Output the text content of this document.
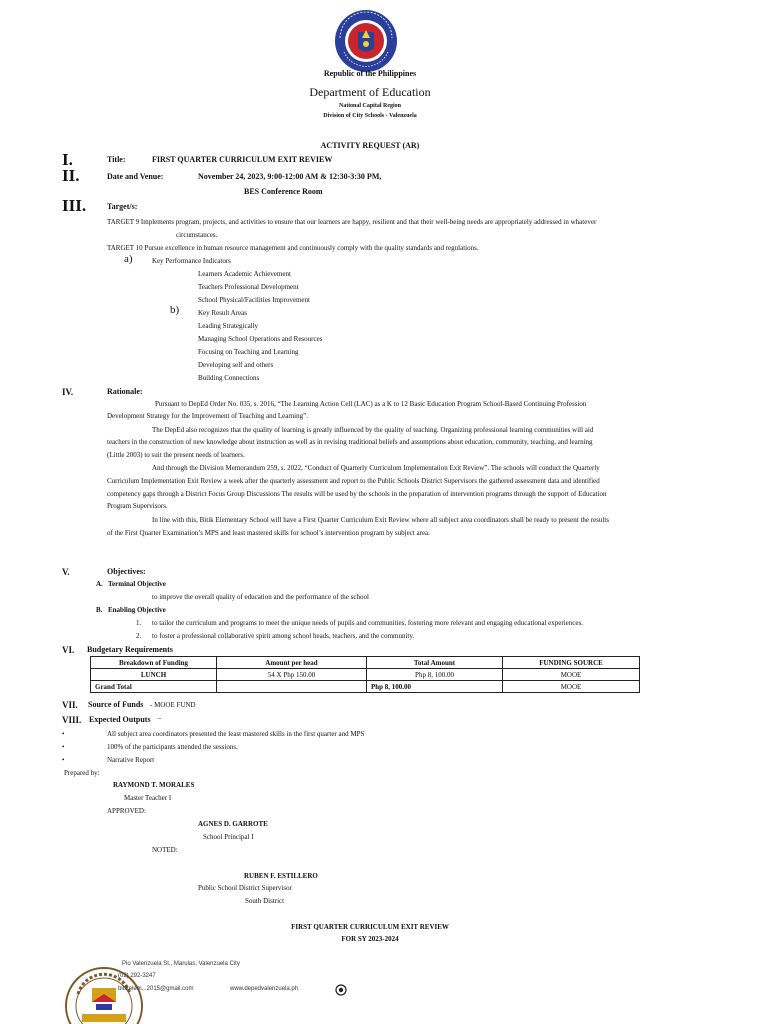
Republic of the Philippines
Department of Education
National Capital Region
Division of City Schools - Valenzuela
ACTIVITY REQUEST (AR)
I.	Title:	FIRST QUARTER CURRICULUM EXIT REVIEW
II.	Date and Venue:	November 24, 2023, 9:00-12:00 AM & 12:30-3:30 PM,
BES Conference Room
III.	Target/s:
TARGET 9 Implements program, projects, and activities to ensure that our learners are happy, resilient and that their well-being needs are appropriately addressed in whatever
circumstances.
TARGET 10 Pursue excellence in human resource management and continuously comply with the quality standards and regulations.
a)	Key Performance Indicators
Learners Academic Achievement
Teachers Professional Development
School Physical/Facilities Improvement
b)	Key Result Areas
Leading Strategically
Managing School Operations and Resources
Focusing on Teaching and Learning
Developing self and others
Building Connections
IV.	Rationale:
Pursuant to DepEd Order No. 035, s. 2016, “The Learning Action Cell (LAC) as a K to 12 Basic Education Program School-Based Continuing Profession
Development Strategy for the Improvement of Teaching and Learning”.
The DepEd also recognizes that the quality of learning is greatly influenced by the quality of teaching. Organizing professional learning communities will aid
teachers in the construction of new knowledge about instruction as well as in revising traditional beliefs and assumptions about education, community, teaching, and learning
(Little 2003) to suit the present needs of learners.
And through the Division Memorandum 259, s. 2022, “Conduct of Quarterly Curriculum Implementation Exit Review”. The schools will conduct the Quarterly
Curriculum Implementation Exit Review a week after the quarterly assessment and report to the Public Schools District Supervisors the gathered assessment data and identified
competency gaps through a District Focus Group Discussions The results will be used by the schools in the preparation of intervention programs through the support of Education
Program Supervisors.
In line with this, Bitik Elementary School will have a First Quarter Curriculum Exit Review where all subject area coordinators shall be ready to present the results
of the First Quarter Examination’s MPS and least mastered skills for school’s intervention program by subject area.
V.	Objectives:
A. Terminal Objective
to improve the overall quality of education and the performance of the school
B. Enabling Objective
1. to tailor the curriculum and programs to meet the unique needs of pupils and communities, fostering more relevant and engaging educational experiences.
2. to foster a professional collaborative spirit among school heads, teachers, and the community.
VI. Budgetary Requirements
Breakdown of Funding	Amount per head	Total Amount	FUNDING SOURCE
LUNCH	54 X Php 150.00	Php 8, 100.00	MOOE
Grand Total		Php 8, 100.00	MOOE
VII. Source of Funds - MOOE FUND
VIII. Expected Outputs –
•	All subject area coordinators presented the least mastered skills in the first quarter and MPS
•	100% of the participants attended the sessions.
•	Narrative Report
Prepared by:
RAYMOND T. MORALES
Master Teacher I
APPROVED:
AGNES D. GARROTE
School Principal I
NOTED:
RUBEN F. ESTILLERO
Public School District Supervisor
South District
FIRST QUARTER CURRICULUM EXIT REVIEW
FOR SY 2023-2024
Pio Valenzuela St., Marulas, Valenzuela City
(02) 292-3247
bitikelem...2015@gmail.com	www.depedvalenzuela.ph
